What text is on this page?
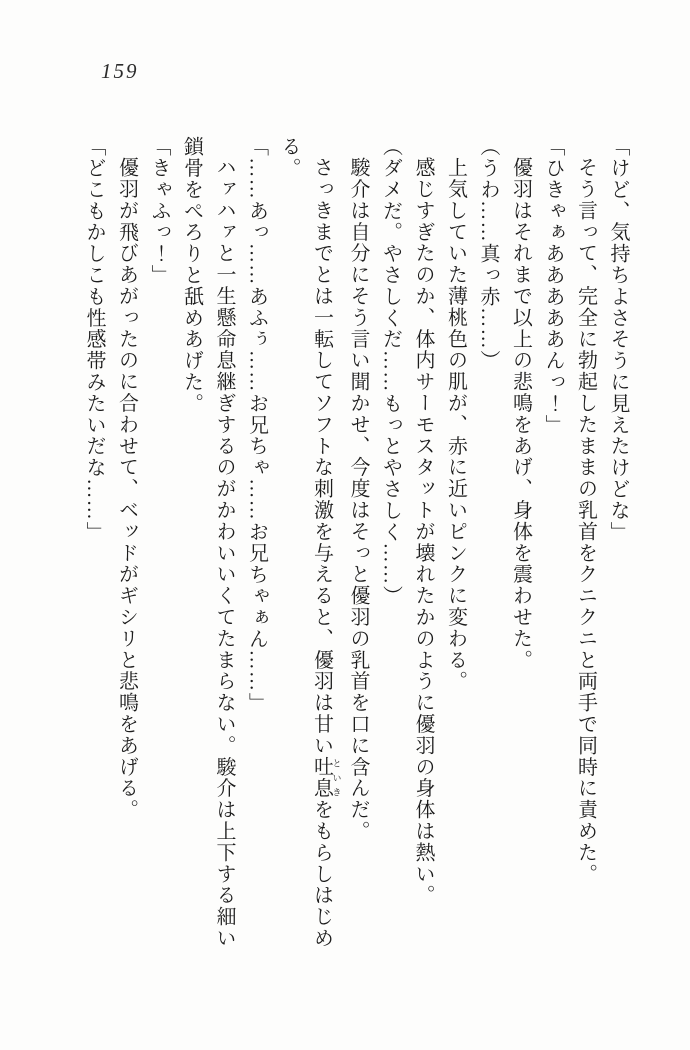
159
「けど、気持ちよさそうに見えたけどな」
そう言って、完全に勃起したままの乳首をクニクニと両手で同時に責めた。
「ひきゃぁあああああんっ！」
優羽はそれまで以上の悲鳴をあげ、身体を震わせた。
（うわ……真っ赤……）
上気していた薄桃色の肌が、赤に近いピンクに変わる。
感じすぎたのか、体内サーモスタットが壊れたかのように優羽の身体は熱い。
（ダメだ。やさしくだ……もっとやさしく……）
駿介は自分にそう言い聞かせ、今度はそっと優羽の乳首を口に含んだ。
さっきまでとは一転してソフトな刺激を与えると、優羽は甘い吐息 といきをもらしはじめ
る。
「……あっ……あふぅ……お兄ちゃ……お兄ちゃぁん……」
ハァハァと一生懸命息継ぎするのがかわいいくてたまらない。駿介は上下する細い
鎖骨をぺろりと舐めあげた。
「きゃふっ！」
優羽が飛びあがったのに合わせて、ベッドがギシリと悲鳴をあげる。
「どこもかしこも性感帯みたいだな……」
